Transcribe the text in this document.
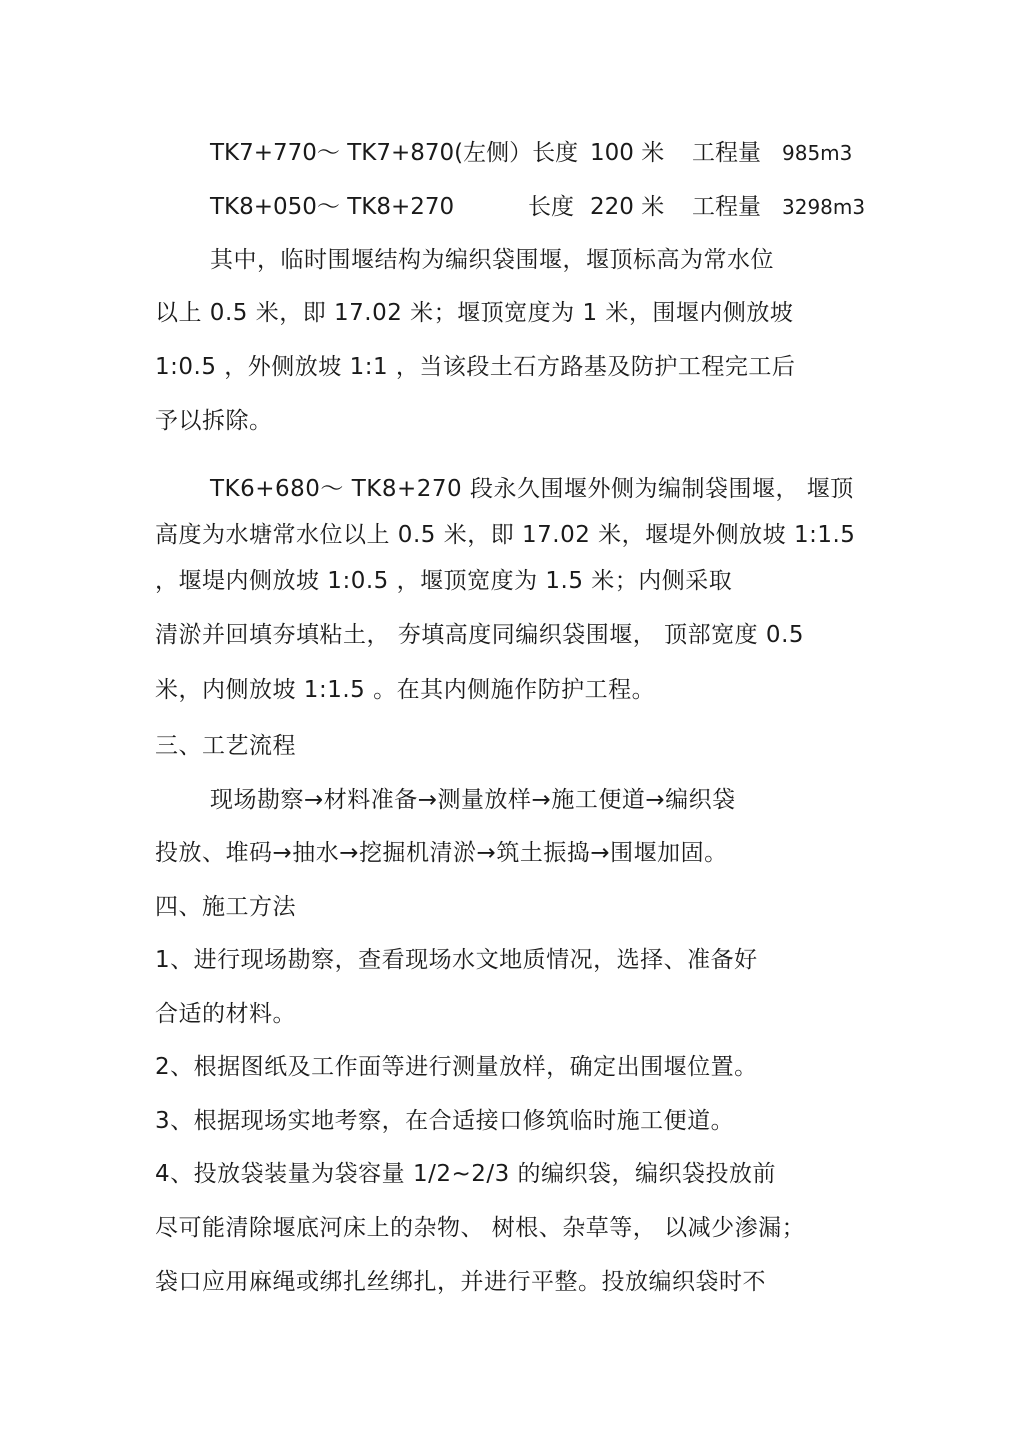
TK7+770～ TK7+870(左侧）长度 100 米 工程量 985m3
TK8+050～ TK8+270	长度 220 米 工程量 3298m3
其中，临时围堰结构为编织袋围堰，堰顶标高为常水位
以上 0.5 米，即 17.02 米；堰顶宽度为 1 米，围堰内侧放坡
1:0.5 ，外侧放坡 1:1 ，当该段土石方路基及防护工程完工后
予以拆除。
TK6+680～ TK8+270 段永久围堰外侧为编制袋围堰， 堰顶
高度为水塘常水位以上 0.5 米，即 17.02 米，堰堤外侧放坡 1:1.5
，堰堤内侧放坡 1:0.5 ，堰顶宽度为 1.5 米；内侧采取
清淤并回填夯填粘土， 夯填高度同编织袋围堰， 顶部宽度 0.5
米，内侧放坡 1:1.5 。在其内侧施作防护工程。
三、工艺流程
现场勘察→材料准备→测量放样→施工便道→编织袋
投放、堆码→抽水→挖掘机清淤→筑土振捣→围堰加固。
四、施工方法
1、进行现场勘察，查看现场水文地质情况，选择、准备好
合适的材料。
2、根据图纸及工作面等进行测量放样，确定出围堰位置。
3、根据现场实地考察，在合适接口修筑临时施工便道。
4、投放袋装量为袋容量 1/2~2/3 的编织袋，编织袋投放前
尽可能清除堰底河床上的杂物、 树根、杂草等， 以减少渗漏；
袋口应用麻绳或绑扎丝绑扎，并进行平整。投放编织袋时不
